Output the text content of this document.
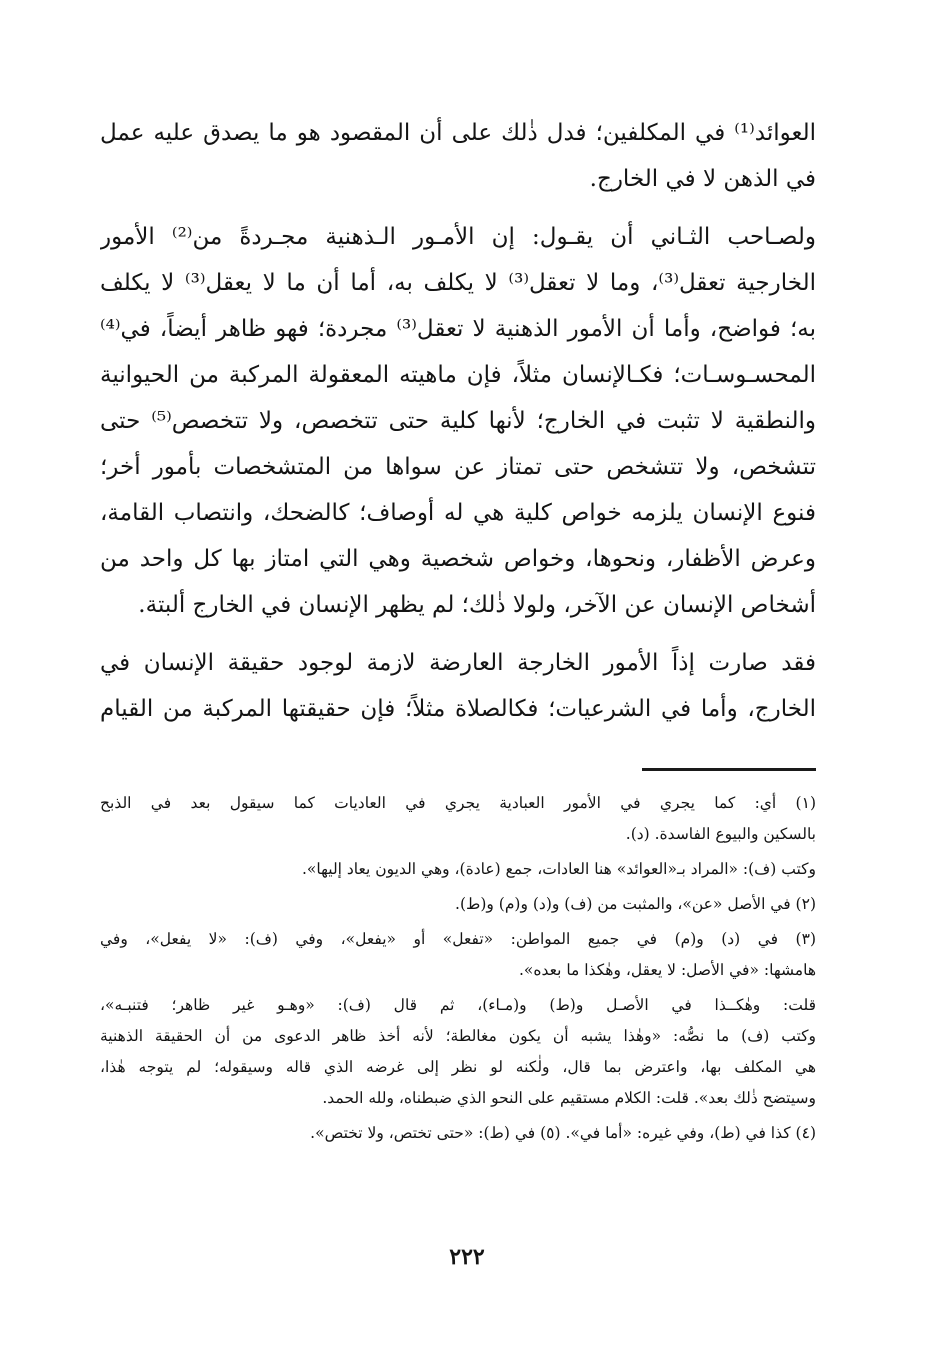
العوائد⁽¹⁾ في المكلفين؛ فدل ذٰلك على أن المقصود هو ما يصدق عليه عمل
في الذهن لا في الخارج.
ولصـاحب الثـاني أن يقـول: إن الأمـور الـذهنية مجـردةً من⁽²⁾ الأمور
الخارجية تعقل⁽³⁾، وما لا تعقل⁽³⁾ لا يكلف به، أما أن ما لا يعقل⁽³⁾ لا يكلف
به؛ فواضح، وأما أن الأمور الذهنية لا تعقل⁽³⁾ مجردة؛ فهو ظاهر أيضاً، في⁽⁴⁾
المحسـوسـات؛ فكـالإنسان مثلاً، فإن ماهيته المعقولة المركبة من الحيوانية
والنطقية لا تثبت في الخارج؛ لأنها كلية حتى تتخصص، ولا تتخصص⁽⁵⁾ حتى
تتشخص، ولا تتشخص حتى تمتاز عن سواها من المتشخصات بأمور أخر؛
فنوع الإنسان يلزمه خواص كلية هي له أوصاف؛ كالضحك، وانتصاب القامة،
وعرض الأظفار، ونحوها، وخواص شخصية وهي التي امتاز بها كل واحد من
أشخاص الإنسان عن الآخر، ولولا ذٰلك؛ لم يظهر الإنسان في الخارج ألبتة.
فقد صارت إذاً الأمور الخارجة العارضة لازمة لوجود حقيقة الإنسان في
الخارج، وأما في الشرعيات؛ فكالصلاة مثلاً؛ فإن حقيقتها المركبة من القيام
(١) أي: كما يجري في الأمور العبادية يجري في العاديات كما سيقول بعد في الذبح
بالسكين والبيوع الفاسدة. (د).
وكتب (ف): «المراد بـ«العوائد» هنا العادات، جمع (عادة)، وهي الديون يعاد إليها».
(٢) في الأصل «عن»، والمثبت من (ف) و(د) و(م) و(ط).
(٣) في (د) و(م) في جميع المواطن: «تفعل» أو «يفعل»، وفي (ف): «لا يفعل»، وفي
هامشها: «في الأصل: لا يعقل، وهٰكذا ما بعده».
قلت: وهٰكــذا في الأصـل و(ط) و(مـاء)، ثم قال (ف): «وهـو غير ظاهر؛ فتنبـه»،
وكتب (ف) ما نصُّه: «وهٰذا يشبه أن يكون مغالطة؛ لأنه أخذ ظاهر الدعوى من أن الحقيقة الذهنية
هي المكلف بها، واعترض بما قال، ولٰكنه لو نظر إلى غرضه الذي قاله وسيقوله؛ لم يتوجه هٰذا،
وسيتضح ذٰلك بعد». قلت: الكلام مستقيم على النحو الذي ضبطناه، ولله الحمد.
(٤) كذا في (ط)، وفي غيره: «أما في». (٥) في (ط): «حتى تختص، ولا تختص».
٢٢٢
